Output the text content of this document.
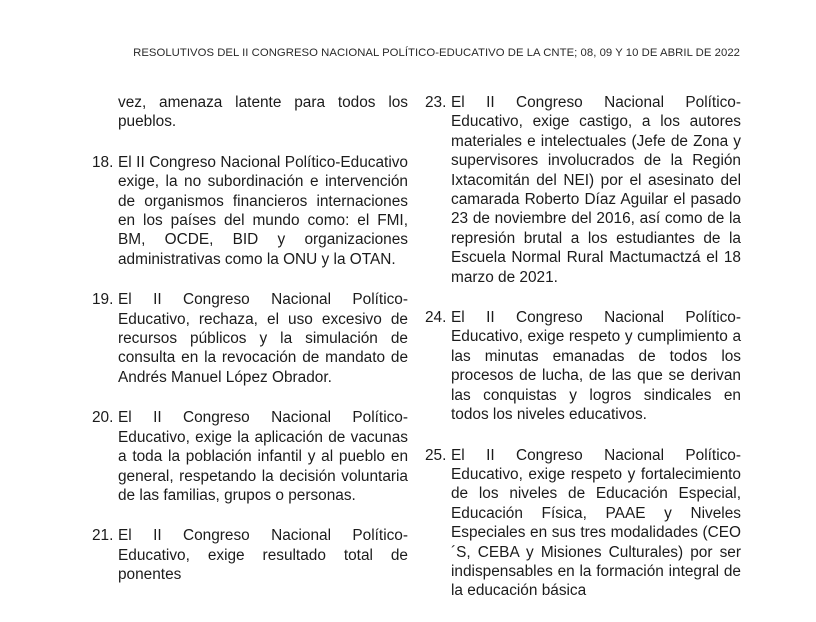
RESOLUTIVOS DEL II CONGRESO NACIONAL POLÍTICO-EDUCATIVO DE LA CNTE; 08, 09 Y 10 DE ABRIL DE 2022
vez, amenaza latente para todos los pueblos.
18. El II Congreso Nacional Político-Educativo exige, la no subordinación e intervención de organismos financieros internaciones en los países del mundo como: el FMI, BM, OCDE, BID y organizaciones administrativas como la ONU y la OTAN.
19. El II Congreso Nacional Político-Educativo, rechaza, el uso excesivo de recursos públicos y la simulación de consulta en la revocación de mandato de Andrés Manuel López Obrador.
20. El II Congreso Nacional Político-Educativo, exige la aplicación de vacunas a toda la población infantil y al pueblo en general, respetando la decisión voluntaria de las familias, grupos o personas.
21. El II Congreso Nacional Político-Educativo, exige resultado total de ponentes
23. El II Congreso Nacional Político-Educativo, exige castigo, a los autores materiales e intelectuales (Jefe de Zona y supervisores involucrados de la Región Ixtacomitán del NEI) por el asesinato del camarada Roberto Díaz Aguilar el pasado 23 de noviembre del 2016, así como de la represión brutal a los estudiantes de la Escuela Normal Rural Mactumactzá el 18 marzo de 2021.
24. El II Congreso Nacional Político-Educativo, exige respeto y cumplimiento a las minutas emanadas de todos los procesos de lucha, de las que se derivan las conquistas y logros sindicales en todos los niveles educativos.
25. El II Congreso Nacional Político-Educativo, exige respeto y fortalecimiento de los niveles de Educación Especial, Educación Física, PAAE y Niveles Especiales en sus tres modalidades (CEO´S, CEBA y Misiones Culturales) por ser indispensables en la formación integral de la educación básica
